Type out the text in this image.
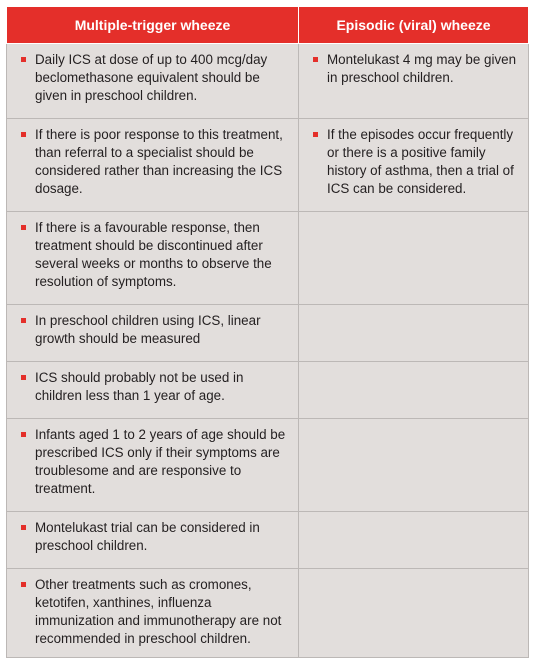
Multiple-trigger wheeze	Episodic (viral) wheeze

Daily ICS at dose of up to 400 mcg/day beclomethasone equivalent should be given in preschool children.	Montelukast 4 mg may be given in preschool children.

If there is poor response to this treatment, than referral to a specialist should be considered rather than increasing the ICS dosage.	If the episodes occur frequently or there is a positive family history of asthma, then a trial of ICS can be considered.

If there is a favourable response, then treatment should be discontinued after several weeks or months to observe the resolution of symptoms.	

In preschool children using ICS, linear growth should be measured	

ICS should probably not be used in children less than 1 year of age.	

Infants aged 1 to 2 years of age should be prescribed ICS only if their symptoms are troublesome and are responsive to treatment.	

Montelukast trial can be considered in preschool children.	

Other treatments such as cromones, ketotifen, xanthines, influenza immunization and immunotherapy are not recommended in preschool children.	
